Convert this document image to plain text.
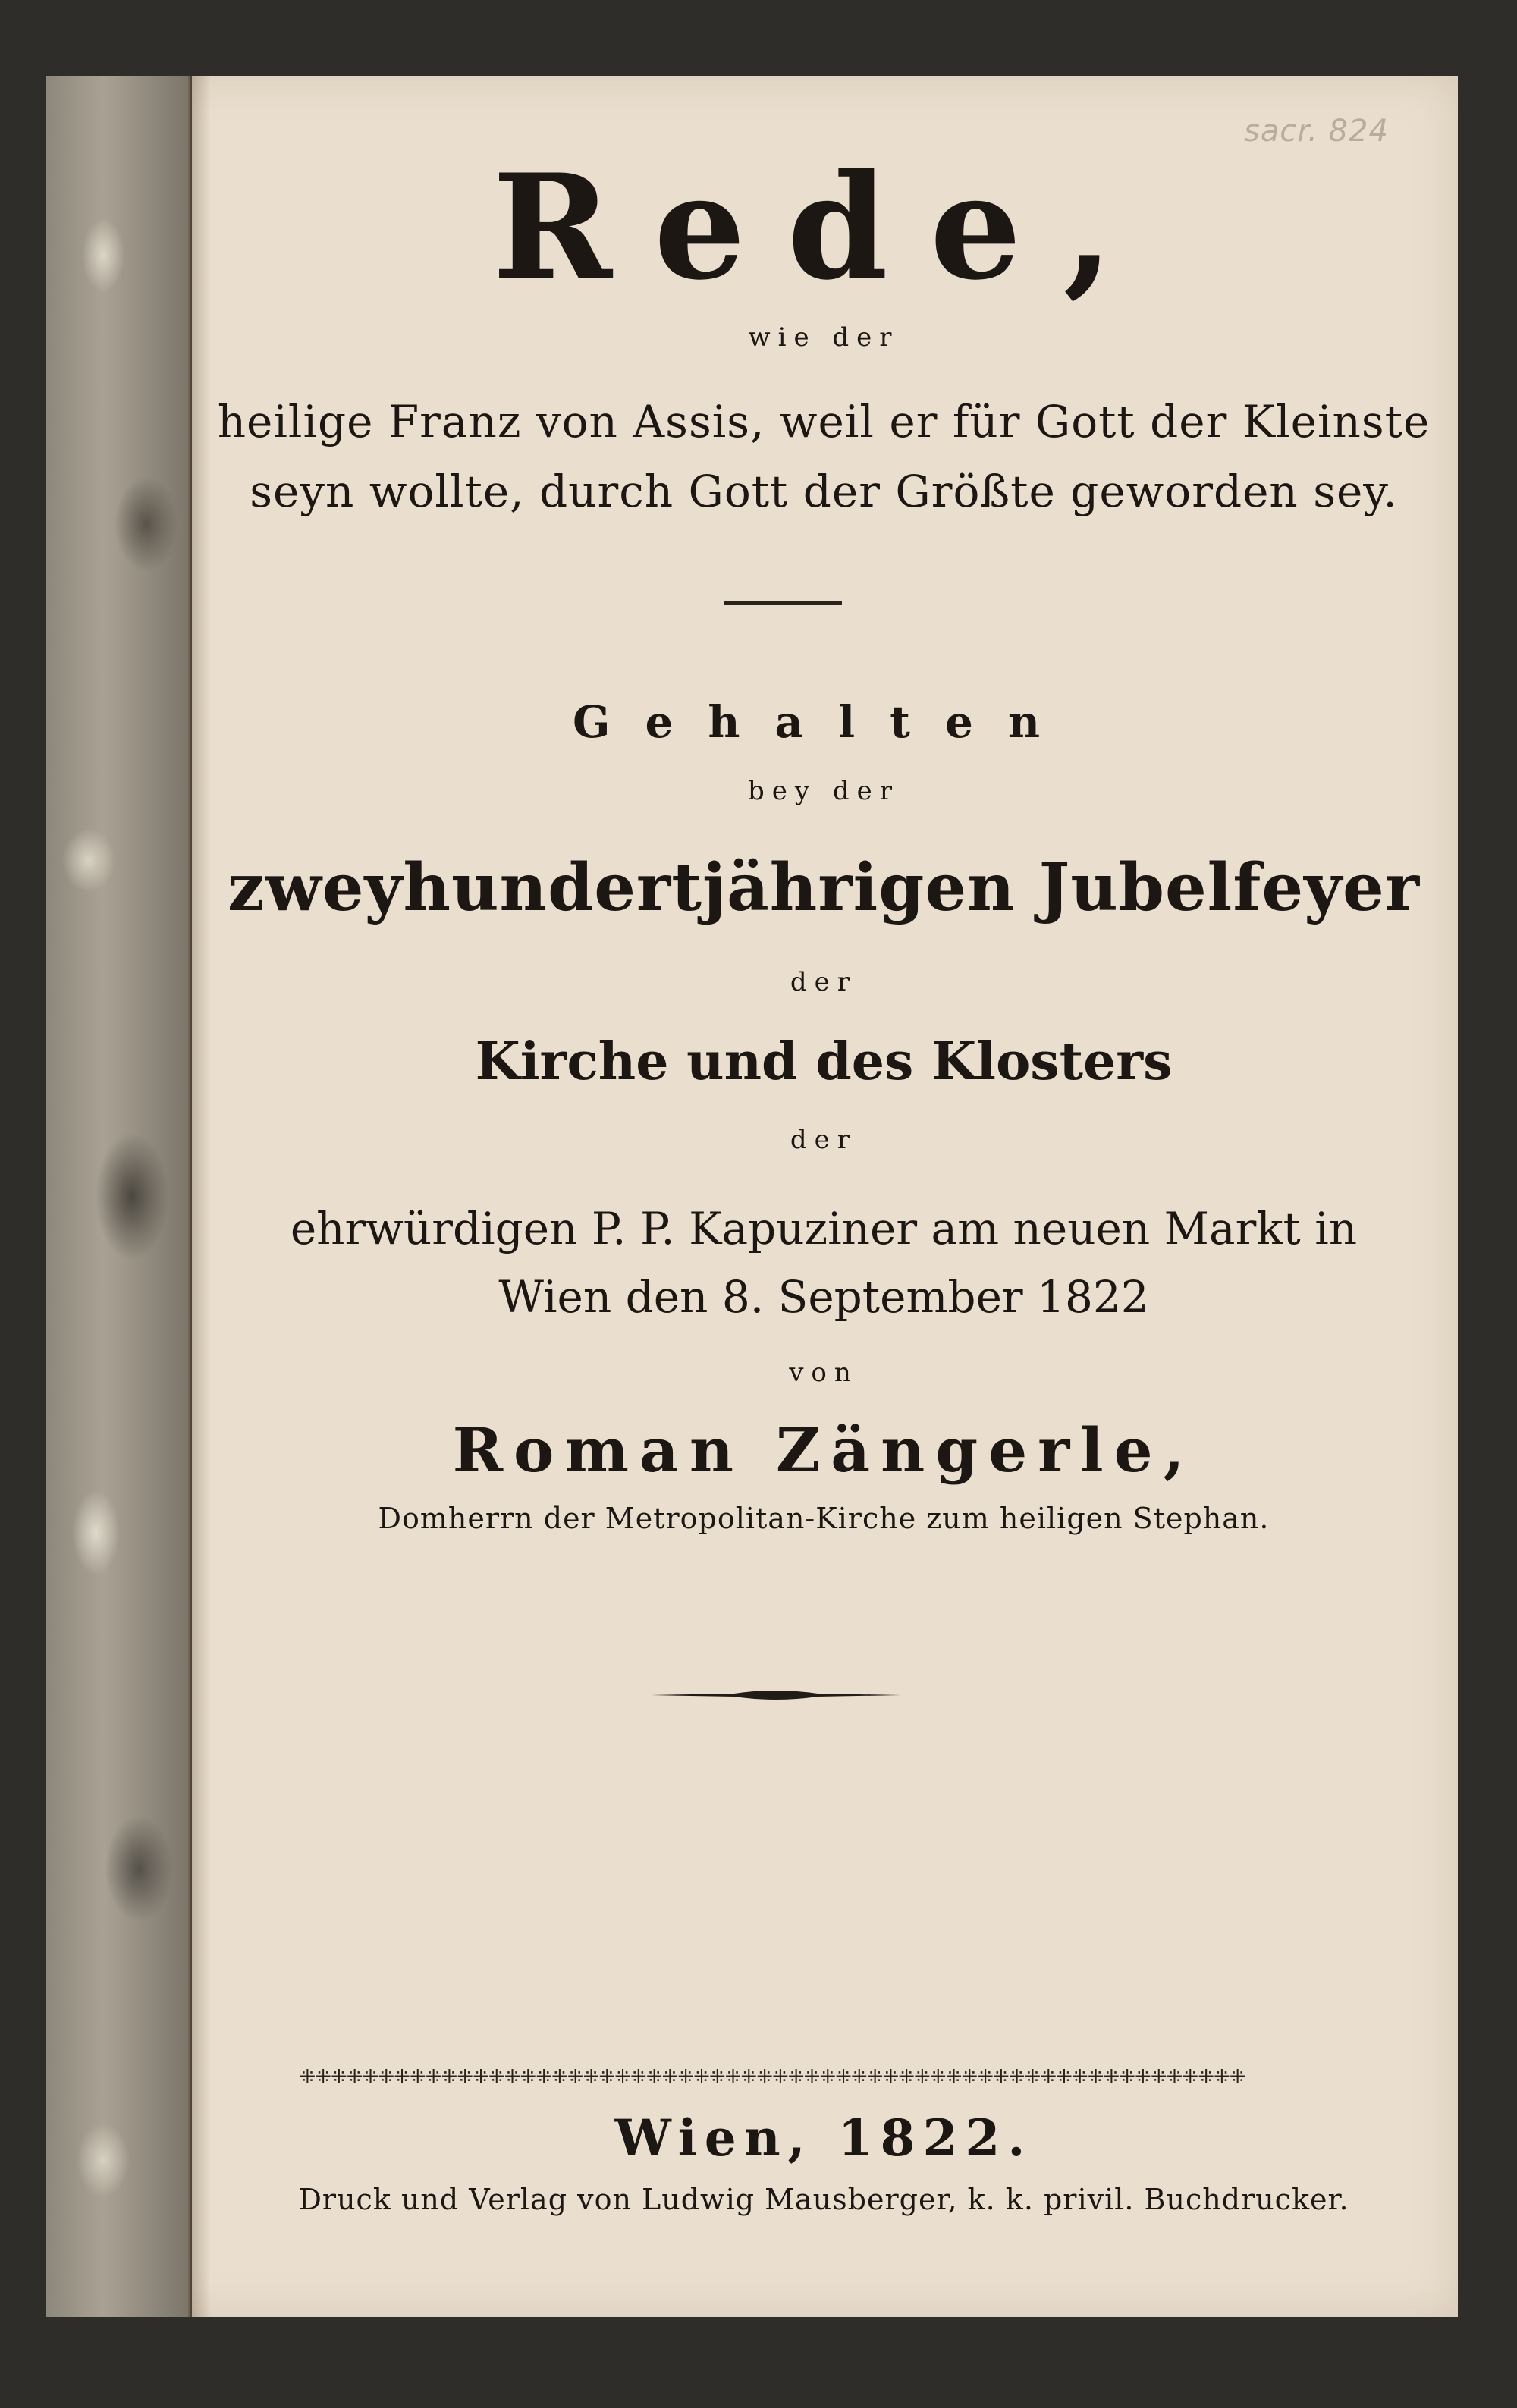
sacr. 824
Rede,
wie der
heilige Franz von Assis, weil er für Gott der Kleinste
seyn wollte, durch Gott der Größte geworden sey.
Gehalten
bey der
zweyhundertjährigen Jubelfeyer
der
Kirche und des Klosters
der
ehrwürdigen P. P. Kapuziner am neuen Markt in
Wien den 8. September 1822
von
Roman Zängerle,
Domherrn der Metropolitan-Kirche zum heiligen Stephan.
⁜⁜⁜⁜⁜⁜⁜⁜⁜⁜⁜⁜⁜⁜⁜⁜⁜⁜⁜⁜⁜⁜⁜⁜⁜⁜⁜⁜⁜⁜⁜⁜⁜⁜⁜⁜⁜⁜⁜⁜⁜⁜⁜⁜⁜⁜⁜⁜⁜⁜⁜⁜⁜⁜⁜⁜⁜⁜⁜⁜
Wien, 1822.
Druck und Verlag von Ludwig Mausberger, k. k. privil. Buchdrucker.
